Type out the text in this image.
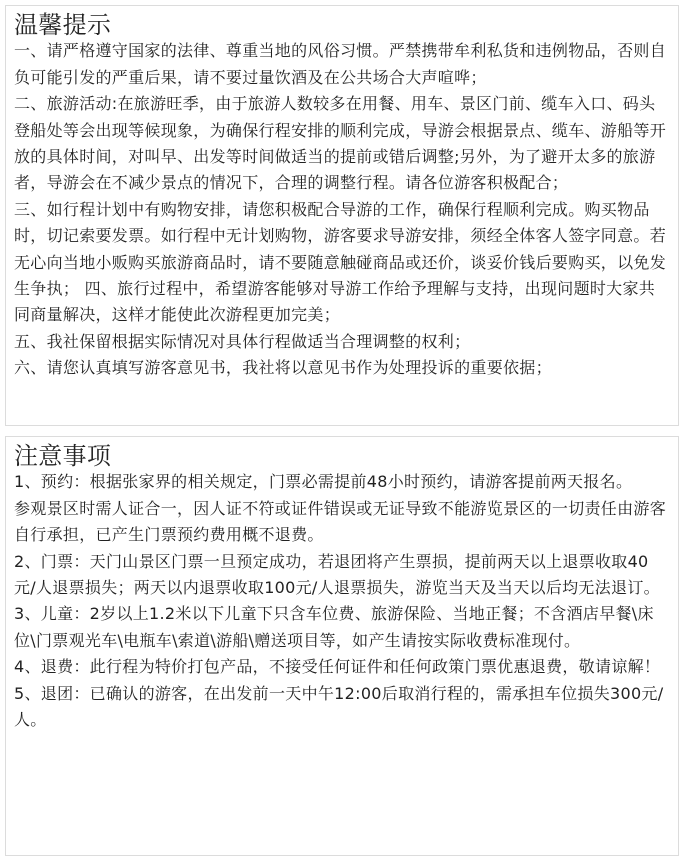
温馨提示

一、请严格遵守国家的法律、尊重当地的风俗习惯。严禁携带牟利私货和违例物品，否则自负可能引发的严重后果，请不要过量饮酒及在公共场合大声喧哗；

二、旅游活动:在旅游旺季，由于旅游人数较多在用餐、用车、景区门前、缆车入口、码头登船处等会出现等候现象，为确保行程安排的顺利完成，导游会根据景点、缆车、游船等开放的具体时间，对叫早、出发等时间做适当的提前或错后调整;另外，为了避开太多的旅游者，导游会在不减少景点的情况下，合理的调整行程。请各位游客积极配合；

三、如行程计划中有购物安排，请您积极配合导游的工作，确保行程顺利完成。购买物品时，切记索要发票。如行程中无计划购物，游客要求导游安排，须经全体客人签字同意。若无心向当地小贩购买旅游商品时，请不要随意触碰商品或还价，谈妥价钱后要购买，以免发生争执； 四、旅行过程中，希望游客能够对导游工作给予理解与支持，出现问题时大家共同商量解决，这样才能使此次游程更加完美；

五、我社保留根据实际情况对具体行程做适当合理调整的权利；

六、请您认真填写游客意见书，我社将以意见书作为处理投诉的重要依据；

注意事项

1、预约：根据张家界的相关规定，门票必需提前48小时预约，请游客提前两天报名。

参观景区时需人证合一，因人证不符或证件错误或无证导致不能游览景区的一切责任由游客自行承担，已产生门票预约费用概不退费。

2、门票：天门山景区门票一旦预定成功，若退团将产生票损，提前两天以上退票收取40元/人退票损失；两天以内退票收取100元/人退票损失，游览当天及当天以后均无法退订。

3、儿童：2岁以上1.2米以下儿童下只含车位费、旅游保险、当地正餐；不含酒店早餐\床位\门票观光车\电瓶车\索道\游船\赠送项目等，如产生请按实际收费标准现付。

4、退费：此行程为特价打包产品，不接受任何证件和任何政策门票优惠退费，敬请谅解！

5、退团：已确认的游客，在出发前一天中午12:00后取消行程的，需承担车位损失300元/人。
